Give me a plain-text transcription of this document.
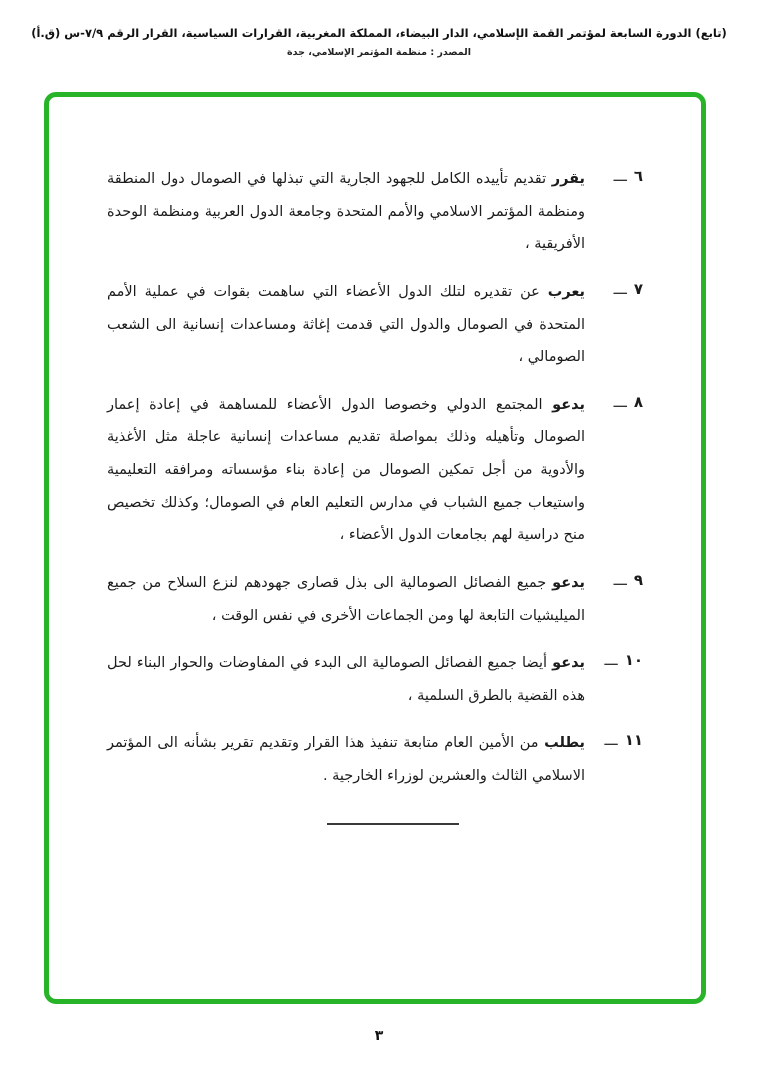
(تابع) الدورة السابعة لمؤتمر القمة الإسلامي، الدار البيضاء، المملكة المغربية، القرارات السياسية، القرار الرقم ٧/٩-س (ق.أ)
المصدر : منظمة المؤتمر الإسلامي، جدة
٦
ـــ

يقرر تقديم تأييده الكامل للجهود الجارية التي تبذلها في الصومال دول المنطقة ومنظمة المؤتمر الاسلامي والأمم المتحدة وجامعة الدول العربية ومنظمة الوحدة الأفريقية ،

٧
ـــ

يعرب عن تقديره لتلك الدول الأعضاء التي ساهمت بقوات في عملية الأمم المتحدة في الصومال والدول التي قدمت إغاثة ومساعدات إنسانية الى الشعب الصومالي ،

٨
ـــ

يدعو المجتمع الدولي وخصوصا الدول الأعضاء للمساهمة في إعادة إعمار الصومال وتأهيله وذلك بمواصلة تقديم مساعدات إنسانية عاجلة مثل الأغذية والأدوية من أجل تمكين الصومال من إعادة بناء مؤسساته ومرافقه التعليمية واستيعاب جميع الشباب في مدارس التعليم العام في الصومال؛ وكذلك تخصيص منح دراسية لهم بجامعات الدول الأعضاء ،

٩
ـــ

يدعو جميع الفصائل الصومالية الى بذل قصارى جهودهم لنزع السلاح من جميع الميليشيات التابعة لها ومن الجماعات الأخرى في نفس الوقت ،

١٠
ـــ

يدعو أيضا جميع الفصائل الصومالية الى البدء في المفاوضات والحوار البناء لحل هذه القضية بالطرق السلمية ،

١١
ـــ

يطلب من الأمين العام متابعة تنفيذ هذا القرار وتقديم تقرير بشأنه الى المؤتمر الاسلامي الثالث والعشرين لوزراء الخارجية .

٣
